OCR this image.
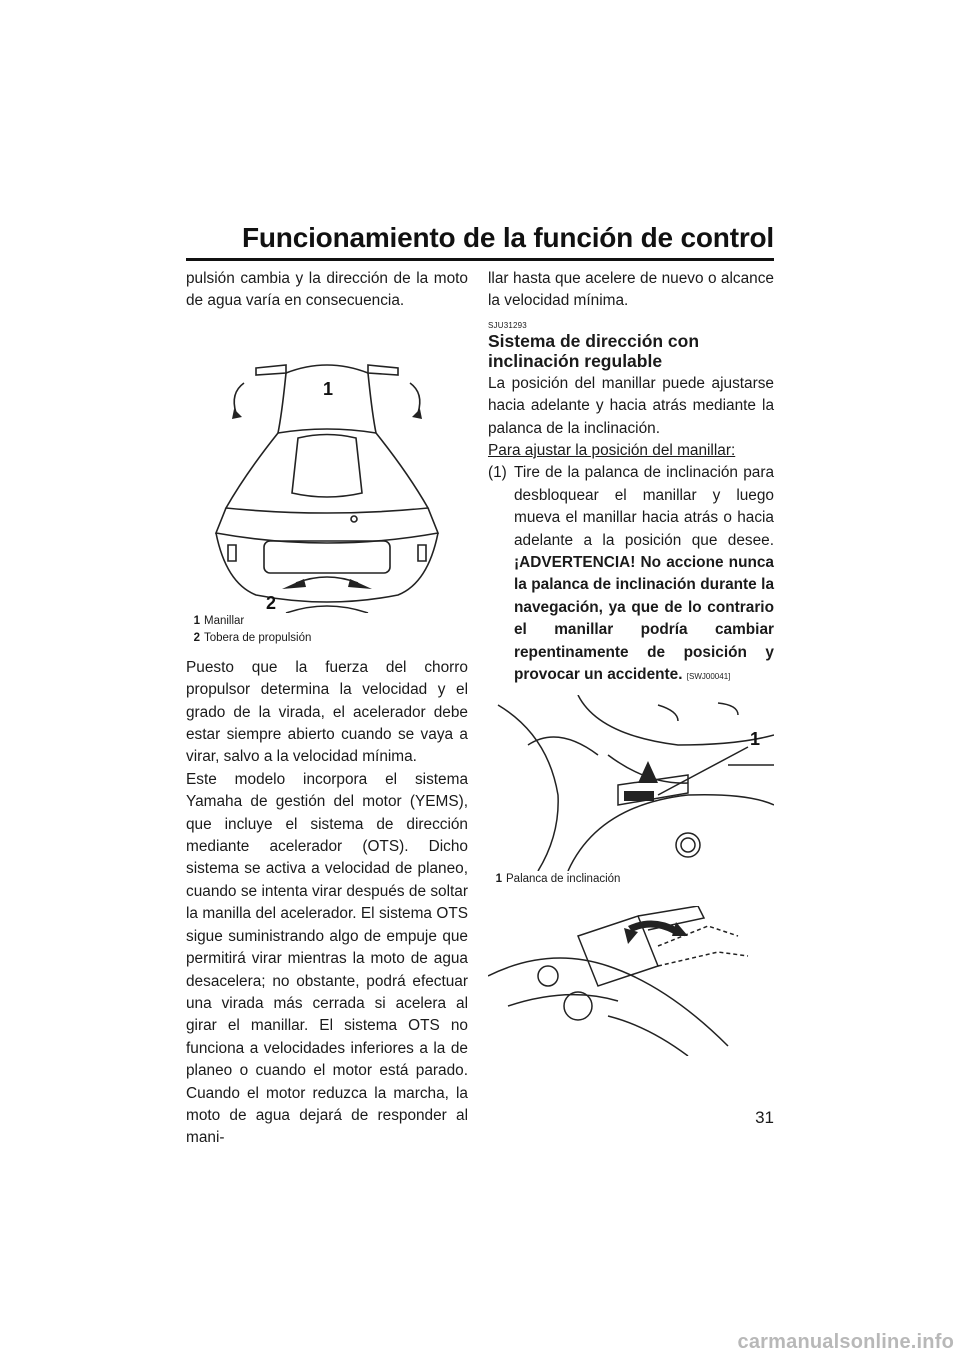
Funcionamiento de la función de control

pulsión cambia y la dirección de la moto de agua varía en consecuencia.

1
2

1 Manillar

2 Tobera de propulsión

Puesto que la fuerza del chorro propulsor determina la velocidad y el grado de la virada, el acelerador debe estar siempre abierto cuando se vaya a virar, salvo a la velocidad mínima.

Este modelo incorpora el sistema Yamaha de gestión del motor (YEMS), que incluye el sistema de dirección mediante acelerador (OTS). Dicho sistema se activa a velocidad de planeo, cuando se intenta virar después de soltar la manilla del acelerador. El sistema OTS sigue suministrando algo de empuje que permitirá virar mientras la moto de agua desacelera; no obstante, podrá efectuar una virada más cerrada si acelera al girar el manillar. El sistema OTS no funciona a velocidades inferiores a la de planeo o cuando el motor está parado. Cuando el motor reduzca la marcha, la moto de agua dejará de responder al mani-

llar hasta que acelere de nuevo o alcance la velocidad mínima.

SJU31293
Sistema de dirección con inclinación regulable

La posición del manillar puede ajustarse hacia adelante y hacia atrás mediante la palanca de la inclinación.

Para ajustar la posición del manillar:

(1) Tire de la palanca de inclinación para desbloquear el manillar y luego mueva el manillar hacia atrás o hacia adelante a la posición que desee. ¡ADVERTENCIA! No accione nunca la palanca de inclinación durante la navegación, ya que de lo contrario el manillar podría cambiar repentinamente de posición y provocar un accidente. [SWJ00041]
1

1 Palanca de inclinación

31
carmanualsonline.info
